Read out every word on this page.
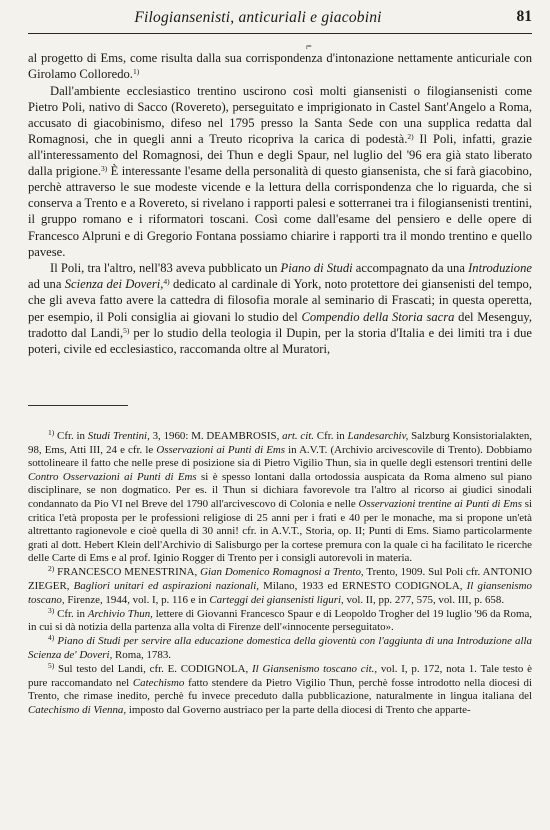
Filogiansenisti, anticuriali e giacobini	81
ᵢ₌

al progetto di Ems, come risulta dalla sua corrispondenza d'intonazione nettamente anticuriale con Girolamo Colloredo.$^{1)}$

Dall'ambiente ecclesiastico trentino uscirono così molti giansenisti o filogiansenisti come Pietro Poli, nativo di Sacco (Rovereto), perseguitato e imprigionato in Castel Sant'Angelo a Roma, accusato di giacobinismo, difeso nel 1795 presso la Santa Sede con una supplica redatta dal Romagnosi, che in quegli anni a Treuto ricopriva la carica di podestà.$^{2)}$ Il Poli, infatti, grazie all'interessamento del Romagnosi, dei Thun e degli Spaur, nel luglio del '96 era già stato liberato dalla prigione.$^{3)}$ È interessante l'esame della personalità di questo giansenista, che si farà giacobino, perchè attraverso le sue modeste vicende e la lettura della corrispondenza che lo riguarda, che si conserva a Trento e a Rovereto, si rivelano i rapporti palesi e sotterranei tra i filogiansenisti trentini, il gruppo romano e i riformatori toscani. Così come dall'esame del pensiero e delle opere di Francesco Alpruni e di Gregorio Fontana possiamo chiarire i rapporti tra il mondo trentino e quello pavese.

Il Poli, tra l'altro, nell'83 aveva pubblicato un Piano di Studi accompagnato da una Introduzione ad una Scienza dei Doveri,$^{4)}$ dedicato al cardinale di York, noto protettore dei giansenisti del tempo, che gli aveva fatto avere la cattedra di filosofia morale al seminario di Frascati; in questa operetta, per esempio, il Poli consiglia ai giovani lo studio del Compendio della Storia sacra del Mesenguy, tradotto dal Landi,$^{5)}$ per lo studio della teologia il Dupin, per la storia d'Italia e dei limiti tra i due poteri, civile ed ecclesiastico, raccomanda oltre al Muratori,

$^{1)}$ Cfr. in Studi Trentini, 3, 1960: M. DEAMBROSIS, art. cit. Cfr. in Landesarchiv, Salzburg Konsistorialakten, 98, Ems, Atti III, 24 e cfr. le Osservazioni ai Punti di Ems in A.V.T. (Archivio arcivescovile di Trento). Dobbiamo sottolineare il fatto che nelle prese di posizione sia di Pietro Vigilio Thun, sia in quelle degli estensori trentini delle Contro Osservazioni ai Punti di Ems si è spesso lontani dalla ortodossia auspicata da Roma almeno sul piano disciplinare, se non dogmatico. Per es. il Thun si dichiara favorevole tra l'altro al ricorso ai giudici sinodali condannato da Pio VI nel Breve del 1790 all'arcivescovo di Colonia e nelle Osservazioni trentine ai Punti di Ems si critica l'età proposta per le professioni religiose di 25 anni per i frati e 40 per le monache, ma si propone un'età altrettanto ragionevole e cioè quella di 30 anni! cfr. in A.V.T., Storia, op. II; Punti di Ems. Siamo particolarmente grati al dott. Hebert Klein dell'Archivio di Salisburgo per la cortese premura con la quale ci ha facilitato le ricerche delle Carte di Ems e al prof. Iginio Rogger di Trento per i consigli autorevoli in materia.

$^{2)}$ FRANCESCO MENESTRINA, Gian Domenico Romagnosi a Trento, Trento, 1909. Sul Poli cfr. ANTONIO ZIEGER, Bagliori unitari ed aspirazioni nazionali, Milano, 1933 ed ERNESTO CODIGNOLA, Il giansenismo toscano, Firenze, 1944, vol. I, p. 116 e in Carteggi dei giansenisti liguri, vol. II, pp. 277, 575, vol. III, p. 658.

$^{3)}$ Cfr. in Archivio Thun, lettere di Giovanni Francesco Spaur e di Leopoldo Trogher del 19 luglio '96 da Roma, in cui si dà notizia della partenza alla volta di Firenze dell'«innocente perseguitato».

$^{4)}$ Piano di Studi per servire alla educazione domestica della gioventù con l'aggiunta di una Introduzione alla Scienza de' Doveri, Roma, 1783.

$^{5)}$ Sul testo del Landi, cfr. E. CODIGNOLA, Il Giansenismo toscano cit., vol. I, p. 172, nota 1. Tale testo è pure raccomandato nel Catechismo fatto stendere da Pietro Vigilio Thun, perchè fosse introdotto nella diocesi di Trento, che rimase inedito, perchè fu invece preceduto dalla pubblicazione, naturalmente in lingua italiana del Catechismo di Vienna, imposto dal Governo austriaco per la parte della diocesi di Trento che apparte-
